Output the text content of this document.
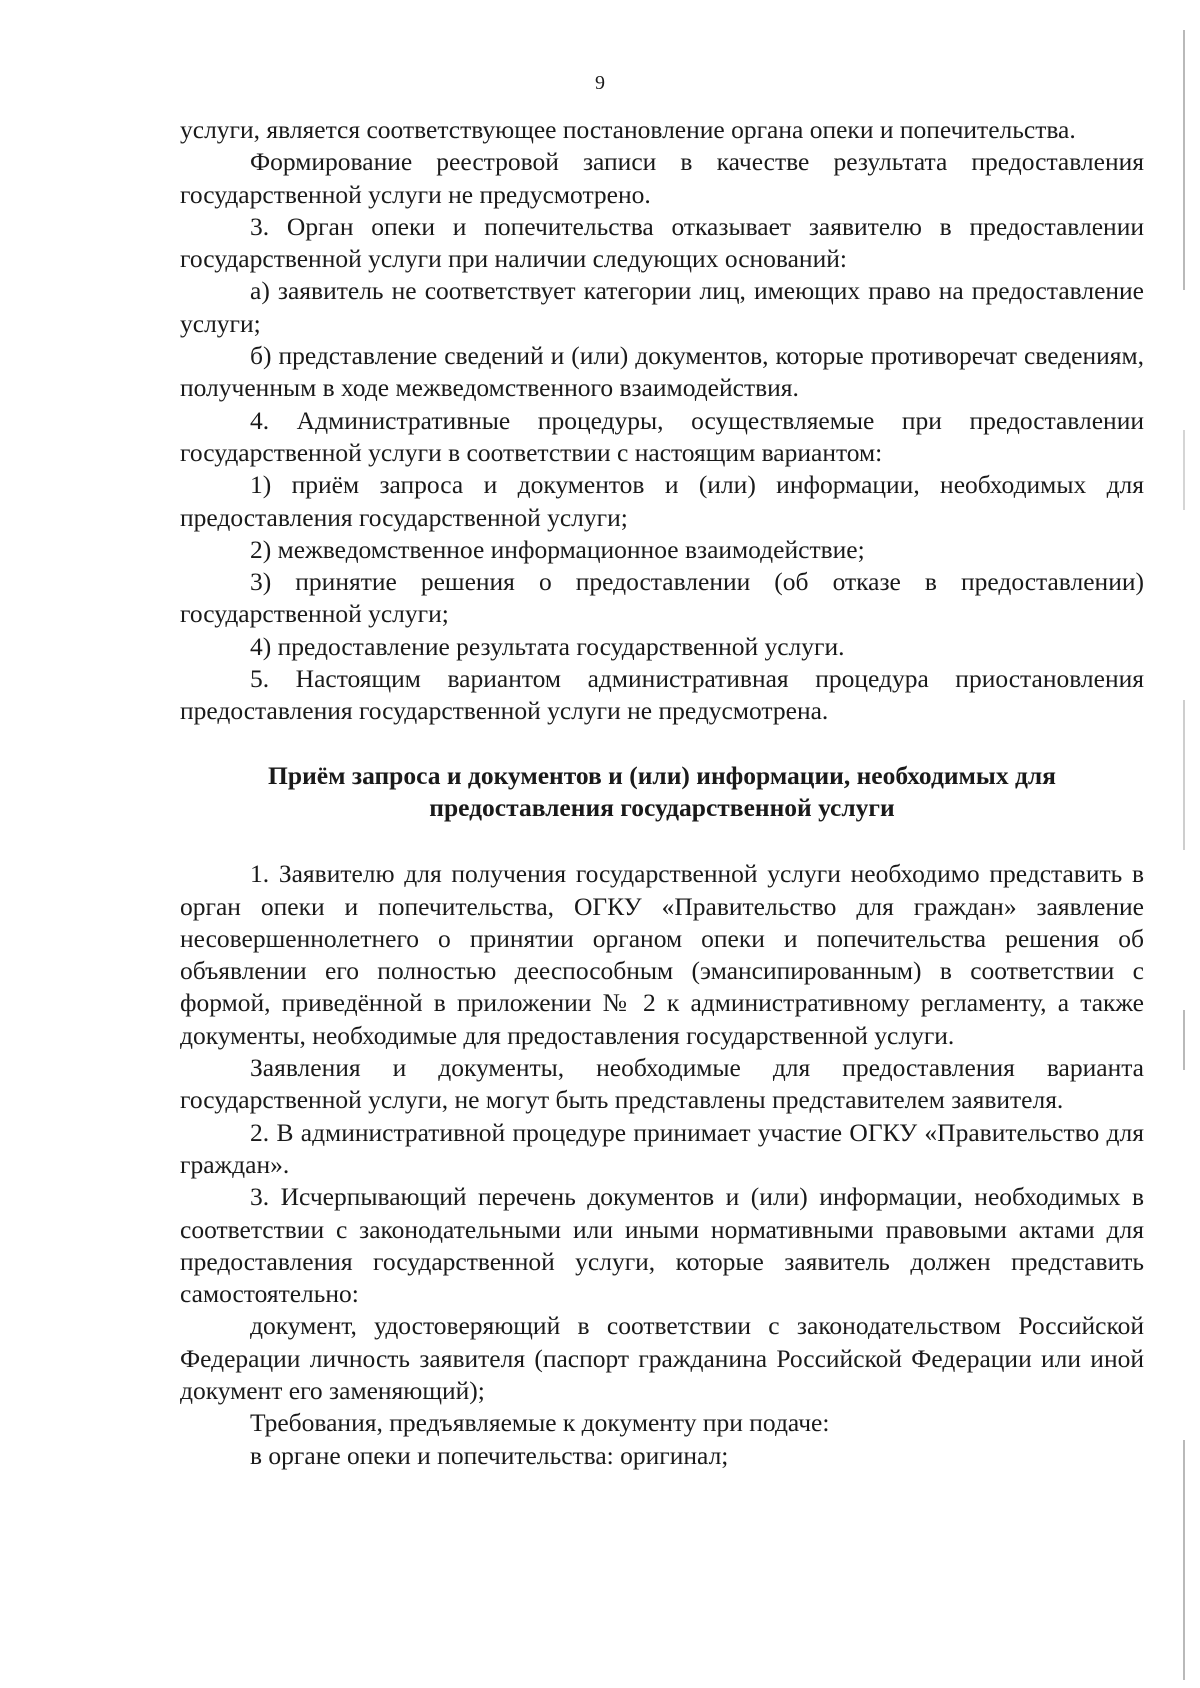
9

услуги, является соответствующее постановление органа опеки и попечительства.

Формирование реестровой записи в качестве результата предоставления государственной услуги не предусмотрено.

3. Орган опеки и попечительства отказывает заявителю в предоставлении государственной услуги при наличии следующих оснований:

а) заявитель не соответствует категории лиц, имеющих право на предоставление услуги;

б) представление сведений и (или) документов, которые противоречат сведениям, полученным в ходе межведомственного взаимодействия.

4. Административные процедуры, осуществляемые при предоставлении государственной услуги в соответствии с настоящим вариантом:

1) приём запроса и документов и (или) информации, необходимых для предоставления государственной услуги;

2) межведомственное информационное взаимодействие;

3) принятие решения о предоставлении (об отказе в предоставлении) государственной услуги;

4) предоставление результата государственной услуги.

5. Настоящим вариантом административная процедура приостановления предоставления государственной услуги не предусмотрена.

Приём запроса и документов и (или) информации, необходимых для
предоставления государственной услуги

1. Заявителю для получения государственной услуги необходимо представить в орган опеки и попечительства, ОГКУ «Правительство для граждан» заявление несовершеннолетнего о принятии органом опеки и попечительства решения об объявлении его полностью дееспособным (эмансипированным) в соответствии с формой, приведённой в приложении № 2 к административному регламенту, а также документы, необходимые для предоставления государственной услуги.

Заявления и документы, необходимые для предоставления варианта государственной услуги, не могут быть представлены представителем заявителя.

2. В административной процедуре принимает участие ОГКУ «Правительство для граждан».

3. Исчерпывающий перечень документов и (или) информации, необходимых в соответствии с законодательными или иными нормативными правовыми актами для предоставления государственной услуги, которые заявитель должен представить самостоятельно:

документ, удостоверяющий в соответствии с законодательством Российской Федерации личность заявителя (паспорт гражданина Российской Федерации или иной документ его заменяющий);

Требования, предъявляемые к документу при подаче:

в органе опеки и попечительства: оригинал;
